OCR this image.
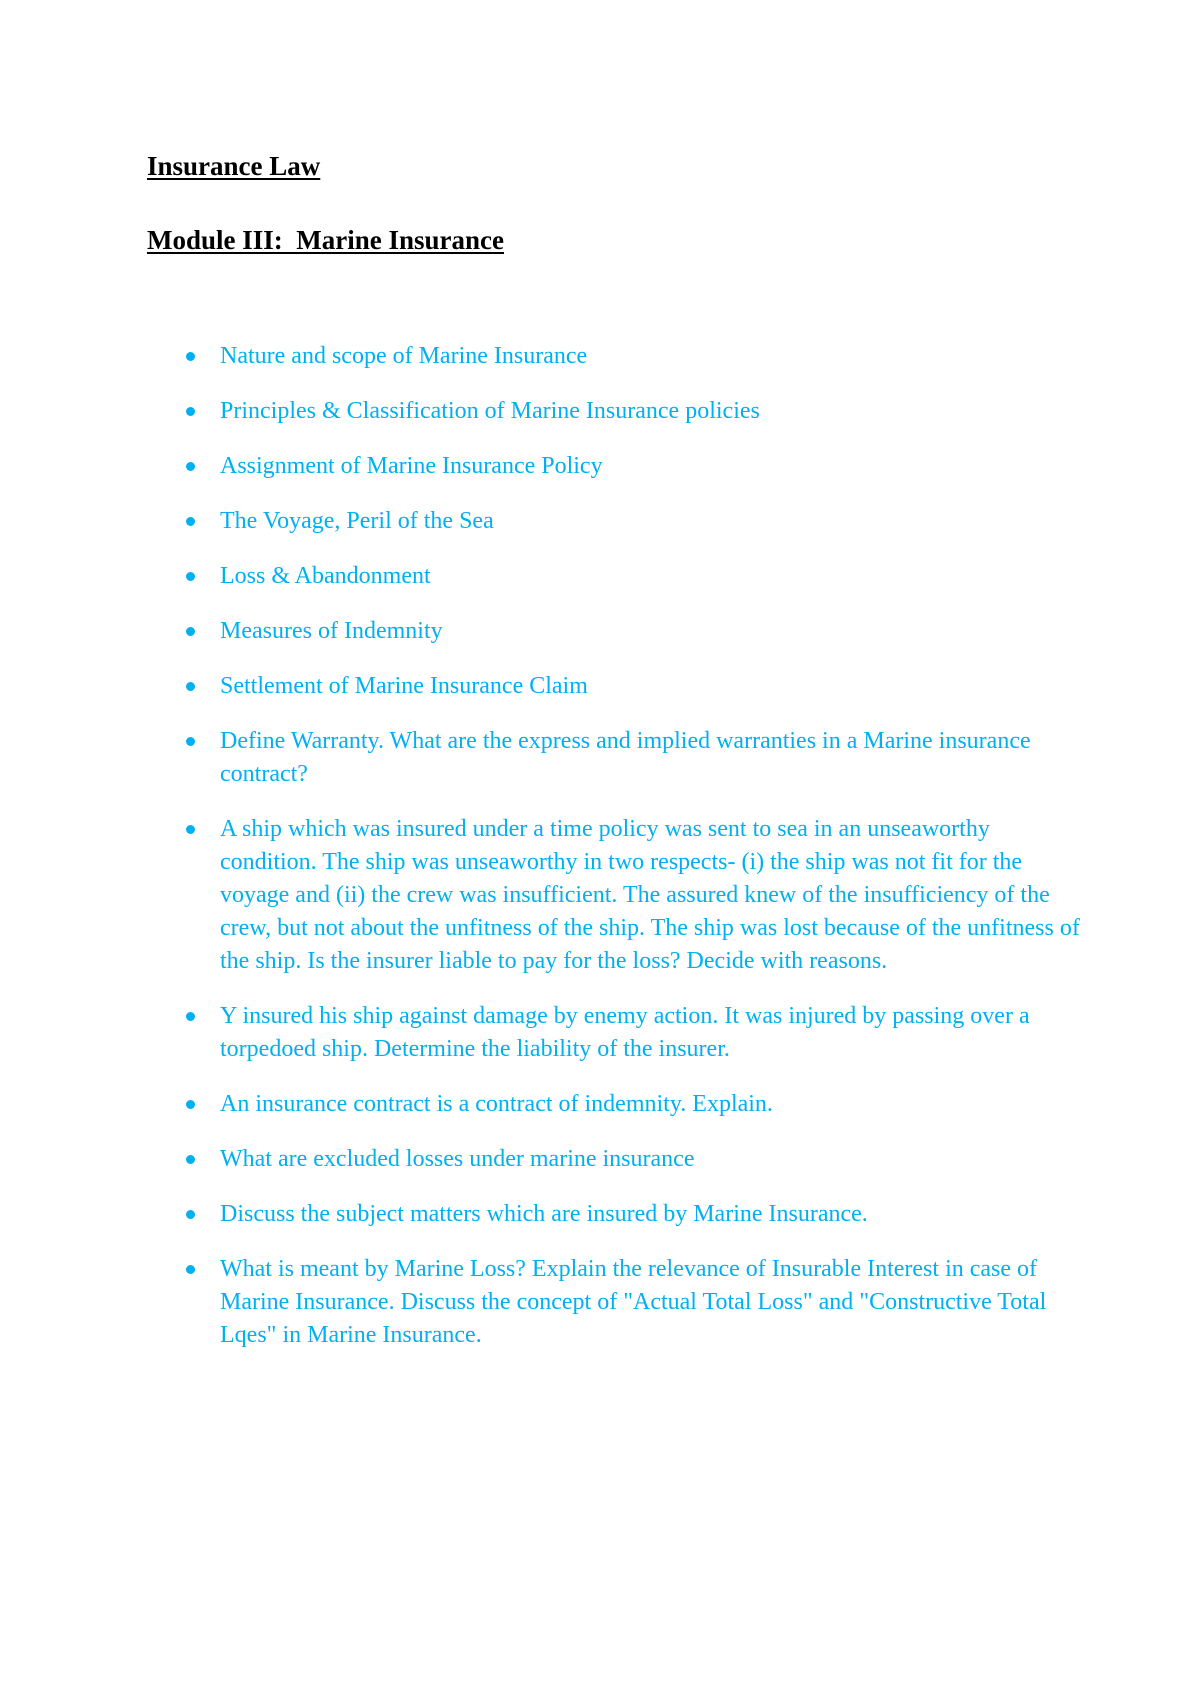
Insurance Law
Module III:  Marine Insurance
Nature and scope of Marine Insurance
Principles & Classification of Marine Insurance policies
Assignment of Marine Insurance Policy
The Voyage, Peril of the Sea
Loss & Abandonment
Measures of Indemnity
Settlement of Marine Insurance Claim
Define Warranty. What are the express and implied warranties in a Marine insurance contract?
A ship which was insured under a time policy was sent to sea in an unseaworthy condition. The ship was unseaworthy in two respects- (i) the ship was not fit for the voyage and (ii) the crew was insufficient. The assured knew of the insufficiency of the crew, but not about the unfitness of the ship. The ship was lost because of the unfitness of the ship. Is the insurer liable to pay for the loss? Decide with reasons.
Y insured his ship against damage by enemy action. It was injured by passing over a torpedoed ship. Determine the liability of the insurer.
An insurance contract is a contract of indemnity. Explain.
What are excluded losses under marine insurance
Discuss the subject matters which are insured by Marine Insurance.
What is meant by Marine Loss? Explain the relevance of Insurable Interest in case of Marine Insurance. Discuss the concept of "Actual Total Loss" and "Constructive Total Lqes" in Marine Insurance.
